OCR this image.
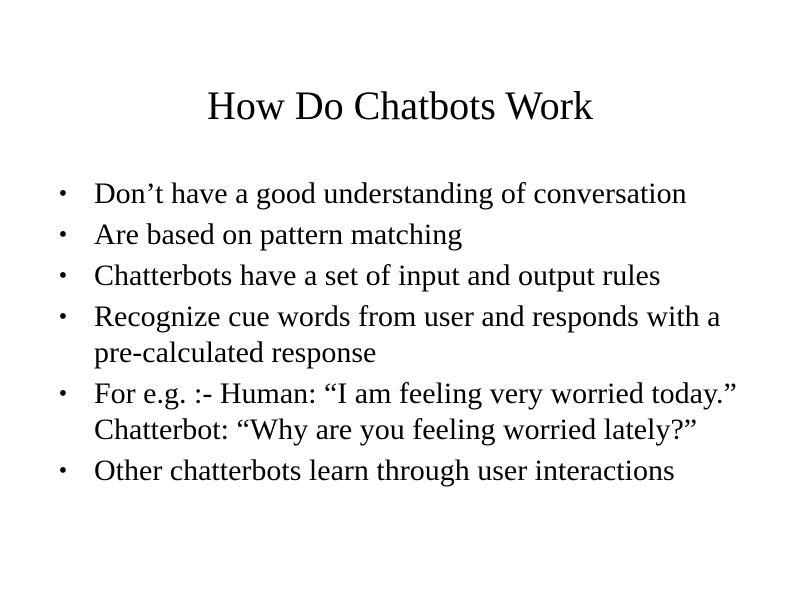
How Do Chatbots Work
• Don’t have a good understanding of conversation
• Are based on pattern matching
• Chatterbots have a set of input and output rules
• Recognize cue words from user and responds with a pre-calculated response
• For e.g. :- Human: “I am feeling very worried today.”
Chatterbot: “Why are you feeling worried lately?”
• Other chatterbots learn through user interactions
